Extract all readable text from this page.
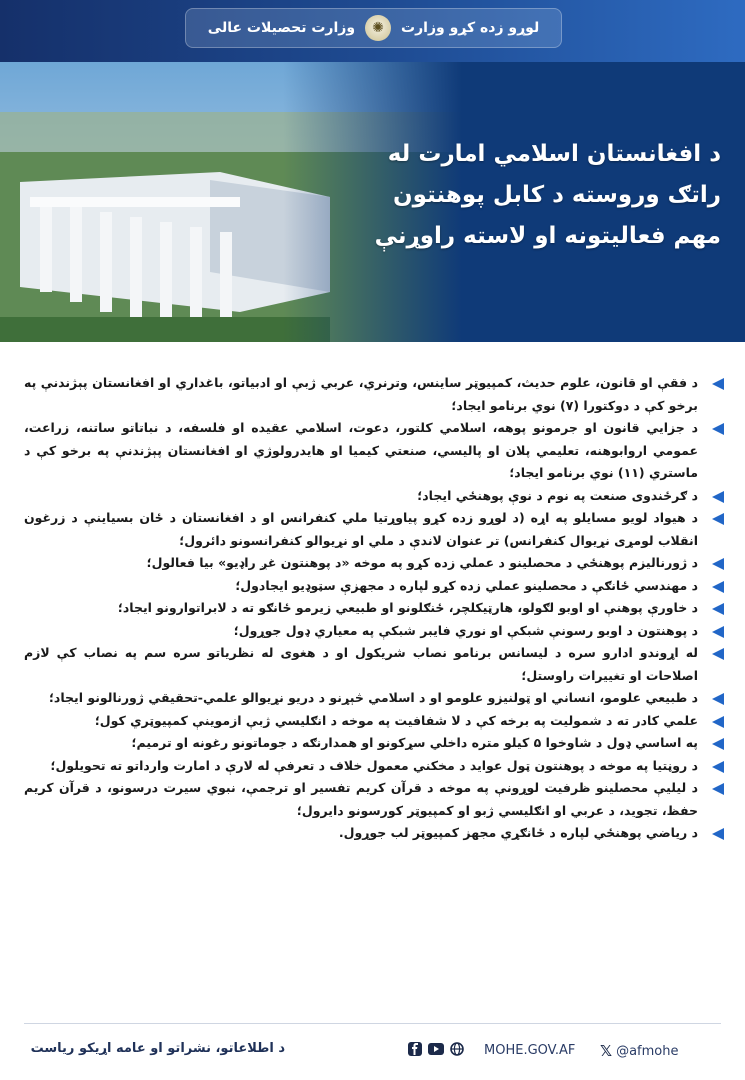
لوړو زده کړو وزارت
✺
وزارت تحصیلات عالی
د افغانستان اسلامي امارت له
راتګ وروسته د کابل پوهنتون
مهم فعالیتونه او لاسته راوړنې
د فقې او قانون، علوم حدیث، کمپیوټر ساینس، وترنري، عربي ژبې او ادبیاتو، باغداري او افغانستان پېژندنې په برخو کې د دوکتورا (۷) نوي برنامو ایجاد؛
د جزایي قانون او جرمونو پوهه، اسلامي کلتور، دعوت، اسلامي عقیده او فلسفه، د نباتاتو ساتنه، زراعت، عمومي اروابوهنه، تعلیمي پلان او پالیسي، صنعتي کیمیا او هایدرولوژي او افغانستان پېژندنې په برخو کې د ماستري (۱۱) نوي برنامو ایجاد؛
د ګرځندوی صنعت په نوم د نوې پوهنځي ایجاد؛
د هیواد لویو مسایلو په اړه (د لوړو زده کړو پیاوړتیا ملي کنفرانس او د افغانستان د ځان بسیاینې د زرغون انقلاب لومړی نړیوال کنفرانس) تر عنوان لاندې د ملي او نړیوالو کنفرانسونو دائرول؛
د ژورنالیزم پوهنځي د محصلینو د عملي زده کړو په موخه «د پوهنتون غږ راډیو» بیا فعالول؛
د مهندسي ځانګې د محصلینو عملي زده کړو لپاره د مجهزې سټوډیو ایجادول؛
د خاورې پوهنې او اوبو لګولو، هارټیکلچر، ځنګلونو او طبیعي زیرمو ځانګو ته د لابراتوارونو ایجاد؛
د پوهنتون د اوبو رسونې شبکې او نوري فایبر شبکې په معیاري ډول جوړول؛
له اړوندو ادارو سره د لیسانس برنامو نصاب شریکول او د هغوی له نظریاتو سره سم په نصاب کې لازم اصلاحات او تغییرات راوستل؛
د طبیعي علومو، انساني او ټولنیزو علومو او د اسلامي څېړنو د دریو نړیوالو علمي-تحقیقي ژورنالونو ایجاد؛
علمي کادر ته د شمولیت په برخه کې د لا شفافیت په موخه د انګلیسي ژبې ازموینې کمپیوټري کول؛
په اساسي ډول د شاوخوا ۵ کیلو متره داخلي سړکونو او همدارنګه د جوماتونو رغونه او ترمیم؛
د روڼتیا په موخه د پوهنتون ټول عواید د مخکني معمول خلاف د تعرفې له لارې د امارت وارداتو ته تحویلول؛
د لیلیې محصلینو ظرفیت لوړونې په موخه د قرآن کریم تفسیر او ترجمې، نبوي سیرت درسونو، د قرآن کریم حفظ، تجوید، د عربي او انګلیسي ژبو او کمپیوټر کورسونو دایرول؛
د ریاضي پوهنځي لپاره د ځانګړي مجهز کمپیوټر لب جوړول.
د اطلاعاتو، نشراتو او عامه اړیکو ریاست	MOHE.GOV.AF 𝕏 @afmohe
